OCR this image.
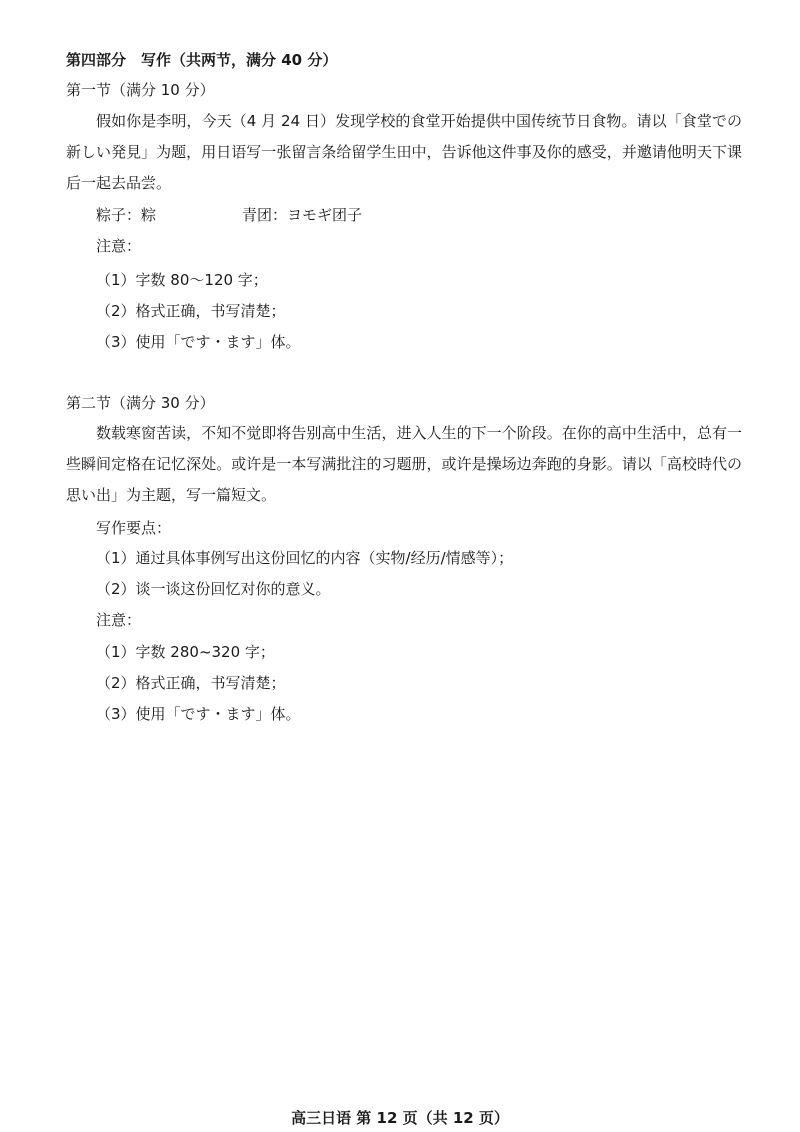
第四部分　写作（共两节，满分 40 分）
第一节（满分 10 分）
假如你是李明，今天（4 月 24 日）发现学校的食堂开始提供中国传统节日食物。请以「食堂での新しい発見」为题，用日语写一张留言条给留学生田中，告诉他这件事及你的感受，并邀请他明天下课后一起去品尝。
粽子：粽	青团：ヨモギ团子
注意：
（1）字数 80～120 字；
（2）格式正确，书写清楚；
（3）使用「です・ます」体。
第二节（满分 30 分）
数载寒窗苦读，不知不觉即将告别高中生活，进入人生的下一个阶段。在你的高中生活中，总有一些瞬间定格在记忆深处。或许是一本写满批注的习题册，或许是操场边奔跑的身影。请以「高校時代の思い出」为主题，写一篇短文。
写作要点：
（1）通过具体事例写出这份回忆的内容（实物/经历/情感等）；
（2）谈一谈这份回忆对你的意义。
注意：
（1）字数 280~320 字；
（2）格式正确，书写清楚；
（3）使用「です・ます」体。
高三日语 第 12 页（共 12 页）
